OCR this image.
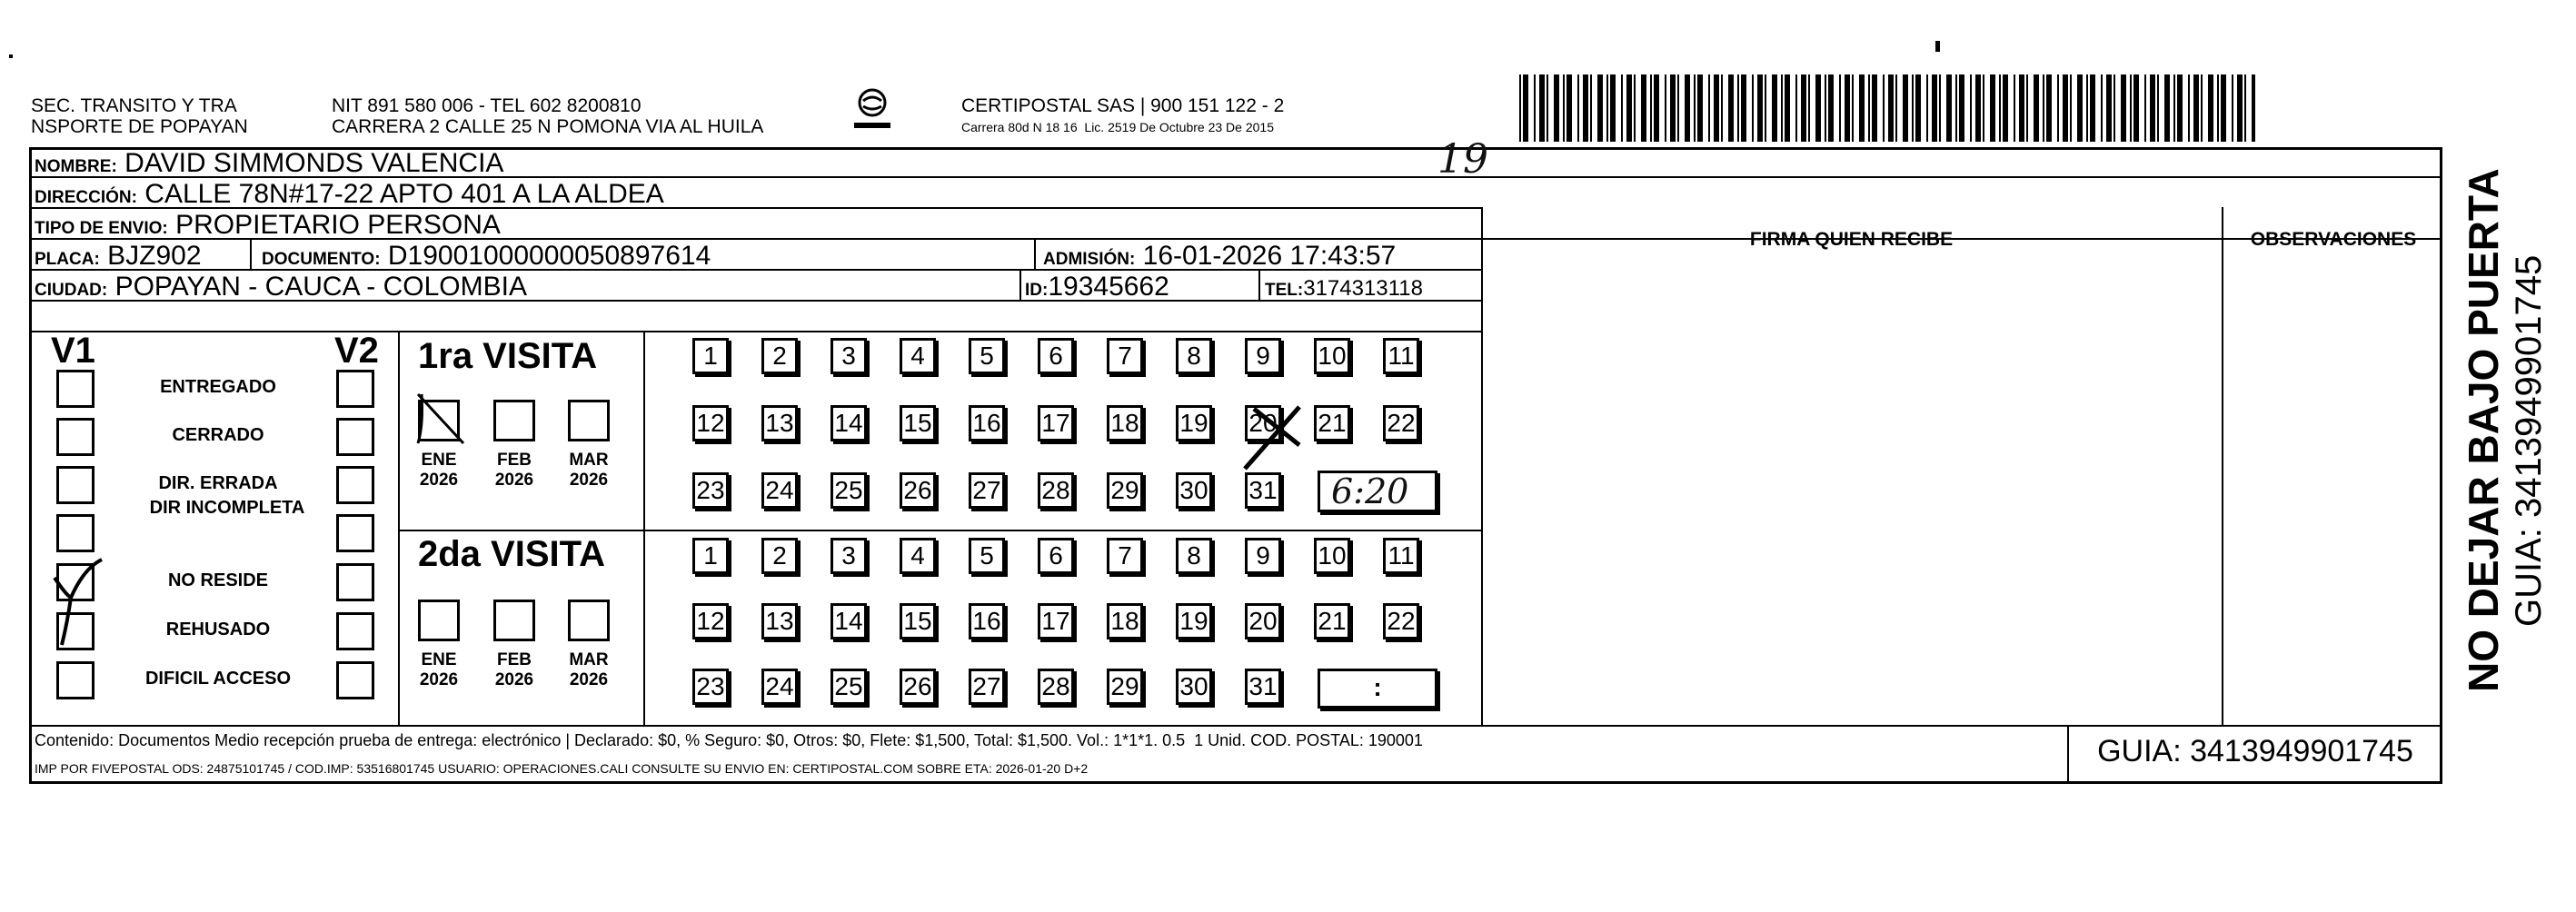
SEC. TRANSITO Y TRA
NSPORTE DE POPAYAN
NIT 891 580 006 - TEL 602 8200810
CARRERA 2 CALLE 25 N POMONA VIA AL HUILA
CERTIPOSTAL SAS | 900 151 122 - 2
Carrera 80d N 18 16  Lic. 2519 De Octubre 23 De 2015
NOMBRE: DAVID SIMMONDS VALENCIA
DIRECCIÓN: CALLE 78N#17-22 APTO 401 A LA ALDEA
TIPO DE ENVIO: PROPIETARIO PERSONA
PLACA: BJZ902	DOCUMENTO: D19001000000050897614	ADMISIÓN: 16-01-2026 17:43:57
CIUDAD: POPAYAN - CAUCA - COLOMBIA	ID:19345662	TEL:3174313118
FIRMA QUIEN RECIBE	OBSERVACIONES
19
V1	V2
ENTREGADO
CERRADO
DIR. ERRADA
DIR INCOMPLETA
NO RESIDE
REHUSADO
DIFICIL ACCESO
1ra VISITA
2da VISITA
ENE
2026
FEB
2026
MAR
2026
1	2	3	4	5	6	7	8	9	10 11
12 13 14 15 16 17 18 19 20 21 22
23 24 25 26 27 28 29 30 31
ENE
2026
FEB
2026
MAR
2026
1	2	3	4	5	6	7	8	9	10 11
12 13 14 15 16 17 18 19 20 21 22
23 24 25 26 27 28 29 30 31
6:20
:
Contenido: Documentos Medio recepción prueba de entrega: electrónico | Declarado: $0, % Seguro: $0, Otros: $0, Flete: $1,500, Total: $1,500. Vol.: 1*1*1. 0.5  1 Unid. COD. POSTAL: 190001
IMP POR FIVEPOSTAL ODS: 24875101745 / COD.IMP: 53516801745 USUARIO: OPERACIONES.CALI CONSULTE SU ENVIO EN: CERTIPOSTAL.COM SOBRE ETA: 2026-01-20 D+2	GUIA: 3413949901745
NO DEJAR BAJO PUERTA GUIA: 3413949901745
